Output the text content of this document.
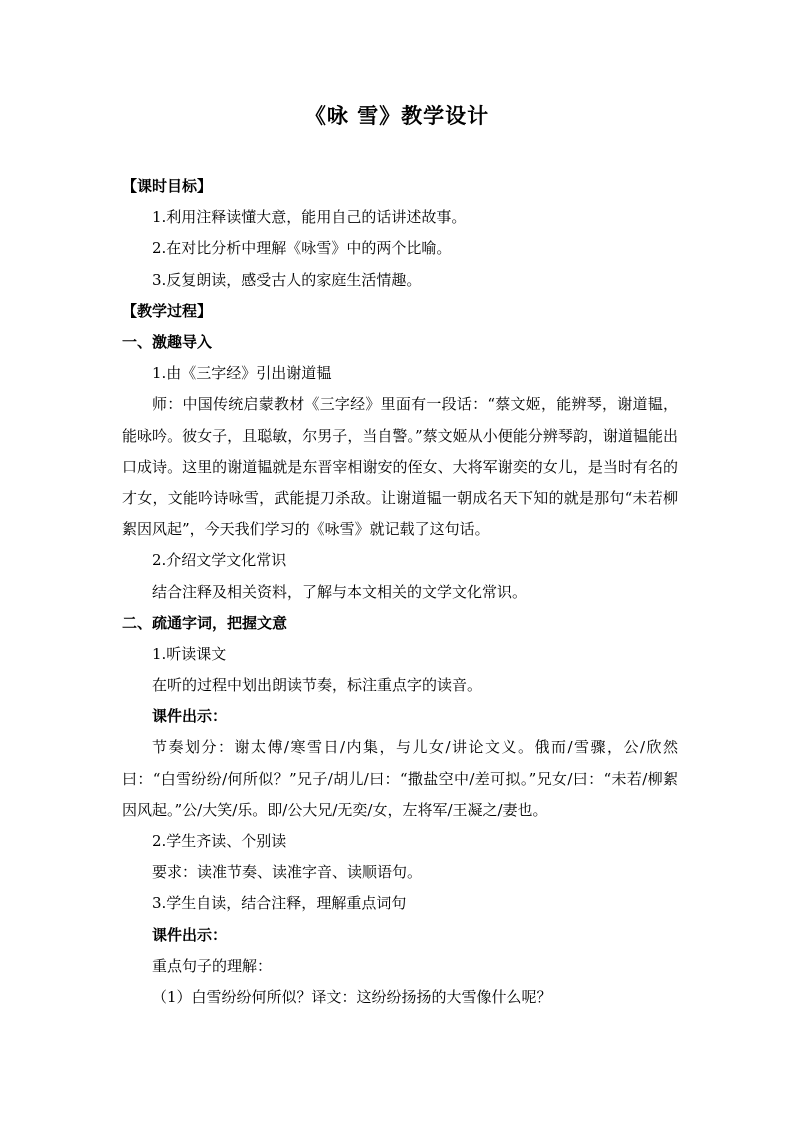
《咏 雪》教学设计
【课时目标】
1.利用注释读懂大意，能用自己的话讲述故事。
2.在对比分析中理解《咏雪》中的两个比喻。
3.反复朗读，感受古人的家庭生活情趣。
【教学过程】
一、激趣导入
1.由《三字经》引出谢道韫

师：中国传统启蒙教材《三字经》里面有一段话：“蔡文姬，能辨琴，谢道韫，能咏吟。彼女子，且聪敏，尔男子，当自警。”蔡文姬从小便能分辨琴韵，谢道韫能出口成诗。这里的谢道韫就是东晋宰相谢安的侄女、大将军谢奕的女儿，是当时有名的才女，文能吟诗咏雪，武能提刀杀敌。让谢道韫一朝成名天下知的就是那句“未若柳絮因风起”，今天我们学习的《咏雪》就记载了这句话。

2.介绍文学文化常识
结合注释及相关资料，了解与本文相关的文学文化常识。
二、疏通字词，把握文意
1.听读课文
在听的过程中划出朗读节奏，标注重点字的读音。
课件出示：

节奏划分：谢太傅/寒雪日/内集，与儿女/讲论文义。俄而/雪骤，公/欣然曰：“白雪纷纷/何所似？”兄子/胡儿/曰：“撒盐空中/差可拟。”兄女/曰：“未若/柳絮因风起。”公/大笑/乐。即/公大兄/无奕/女，左将军/王凝之/妻也。

2.学生齐读、个别读
要求：读准节奏、读准字音、读顺语句。
3.学生自读，结合注释，理解重点词句
课件出示：
重点句子的理解：
（1）白雪纷纷何所似？译文：这纷纷扬扬的大雪像什么呢？
